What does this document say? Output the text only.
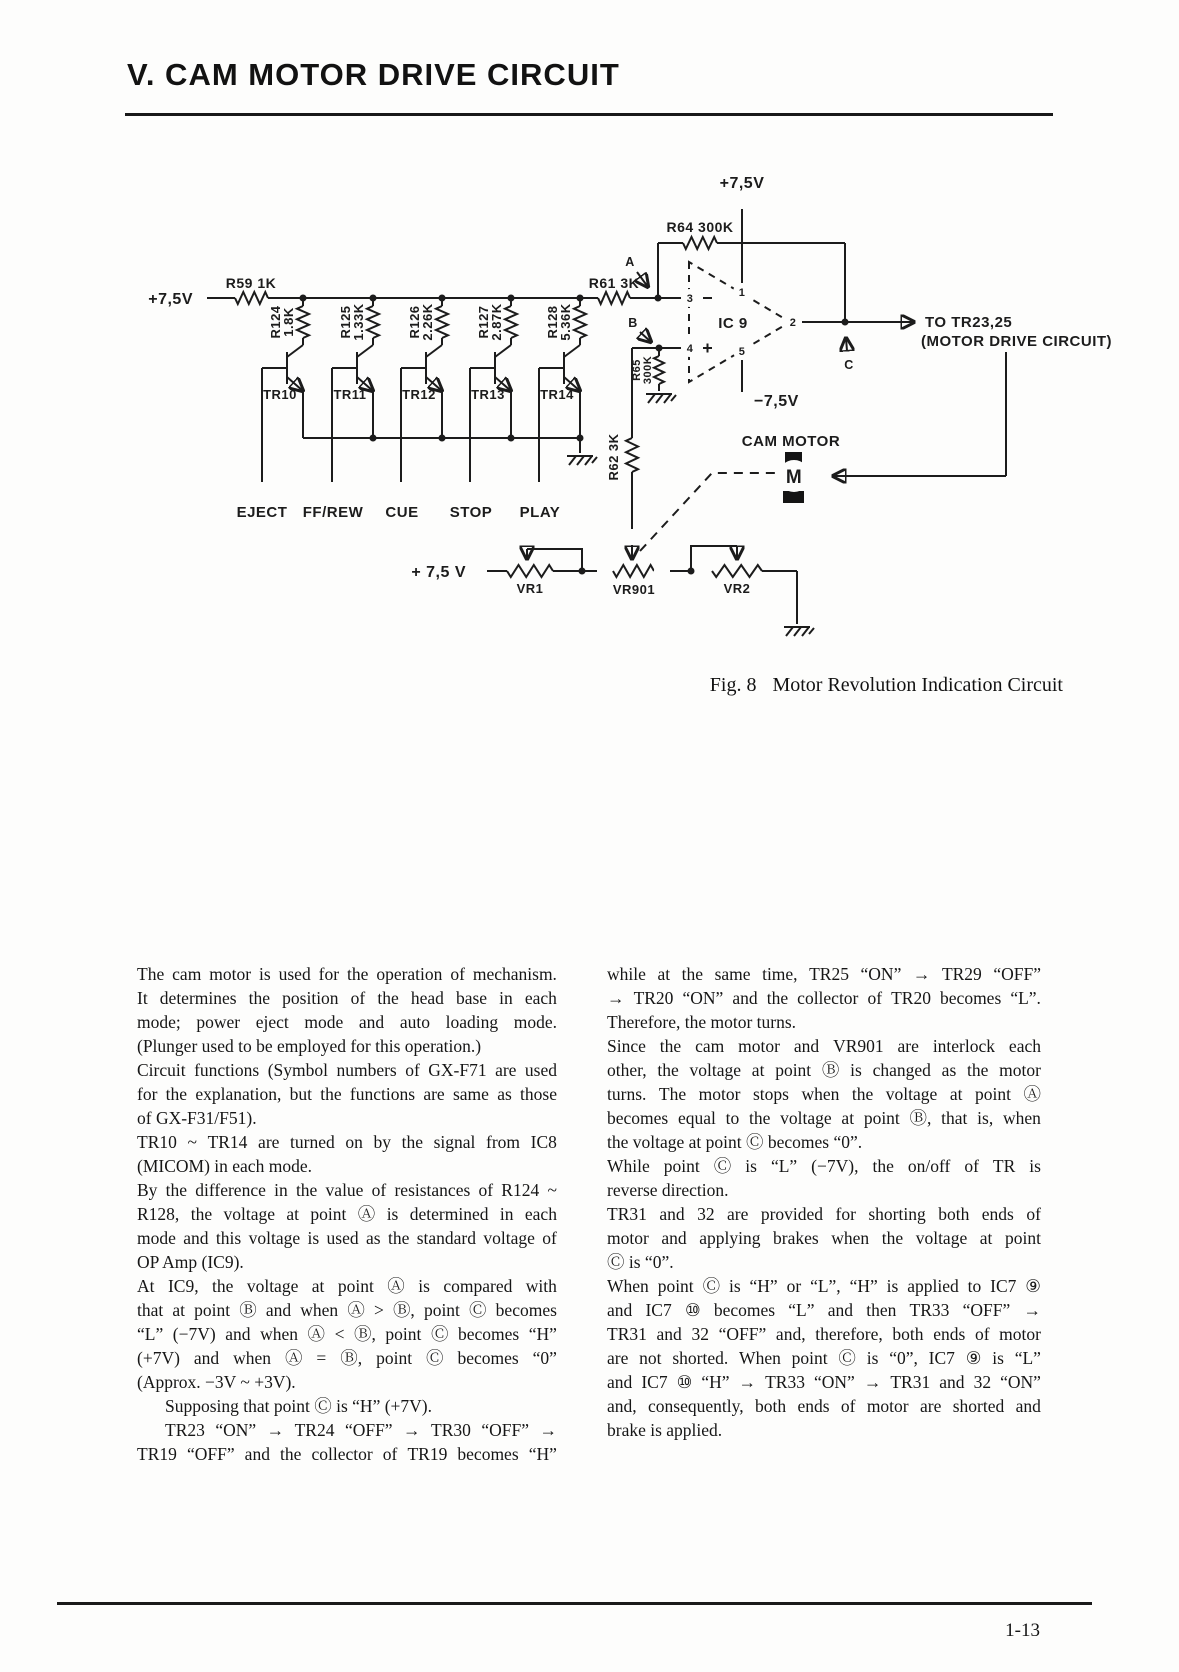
V. CAM MOTOR DRIVE CIRCUIT
+7,5V
R59 1K	R61 3K
R124
1.8K
TR10
EJECT
R125
1.33K
TR11
FF/REW
R126
2.26K
TR12
CUE
R127
2.87K
TR13
STOP
R128
5.36K
TR14
PLAY
R64 300K
IC 9
A
B
3
4
1
5
2
+7,5V
−7,5V
TO TR23,25
(MOTOR DRIVE CIRCUIT)
C
R65 300K
R62 3K
+ 7,5 V
VR1	VR901	VR2
CAM MOTOR
M
Fig. 8 Motor Revolution Indication Circuit
The cam motor is used for the operation of mechanism.
It determines the position of the head base in each
mode; power eject mode and auto loading mode.
(Plunger used to be employed for this operation.)
Circuit functions (Symbol numbers of GX-F71 are used
for the explanation, but the functions are same as those
of GX-F31/F51).
TR10 ~ TR14 are turned on by the signal from IC8
(MICOM) in each mode.
By the difference in the value of resistances of R124 ~
R128, the voltage at point Ⓐ is determined in each
mode and this voltage is used as the standard voltage of
OP Amp (IC9).
At IC9, the voltage at point Ⓐ is compared with
that at point Ⓑ and when Ⓐ > Ⓑ, point Ⓒ becomes
“L” (−7V) and when Ⓐ < Ⓑ, point Ⓒ becomes “H”
(+7V) and when Ⓐ = Ⓑ, point Ⓒ becomes “0”
(Approx. −3V ~ +3V).
Supposing that point Ⓒ is “H” (+7V).
TR23 “ON” → TR24 “OFF” → TR30 “OFF” →
TR19 “OFF” and the collector of TR19 becomes “H”
while at the same time, TR25 “ON” → TR29 “OFF”
→ TR20 “ON” and the collector of TR20 becomes “L”.
Therefore, the motor turns.
Since the cam motor and VR901 are interlock each
other, the voltage at point Ⓑ is changed as the motor
turns. The motor stops when the voltage at point Ⓐ
becomes equal to the voltage at point Ⓑ, that is, when
the voltage at point Ⓒ becomes “0”.
While point Ⓒ is “L” (−7V), the on/off of TR is
reverse direction.
TR31 and 32 are provided for shorting both ends of
motor and applying brakes when the voltage at point
Ⓒ is “0”.
When point Ⓒ is “H” or “L”, “H” is applied to IC7 ⑨
and IC7 ⑩ becomes “L” and then TR33 “OFF” →
TR31 and 32 “OFF” and, therefore, both ends of motor
are not shorted. When point Ⓒ is “0”, IC7 ⑨ is “L”
and IC7 ⑩ “H” → TR33 “ON” → TR31 and 32 “ON”
and, consequently, both ends of motor are shorted and
brake is applied.
1-13
